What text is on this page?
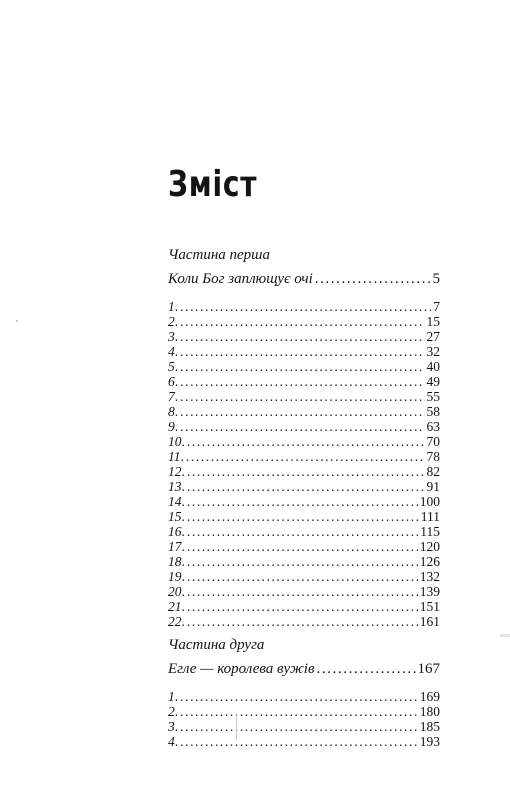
Зміст
Частина перша
Коли Бог заплющує очі .....	5
1 . .....	7
2 . .....	15
3 . .....	27
4 . .....	32
5 . .....	40
6 . .....	49
7 . .....	55
8 . .....	58
9 . .....	63
10 . .....	70
11 . .....	78
12 . .....	82
13 . .....	91
14 . .....	100
15 . .....	111
16 . .....	115
17 . .....	120
18 . .....	126
19 . .....	132
20 . .....	139
21 . .....	151
22 . .....	161
Частина друга
Егле — королева вужів .....	167
1 . .....	169
2 . .....	180
3 . .....	185
4 . .....	193
